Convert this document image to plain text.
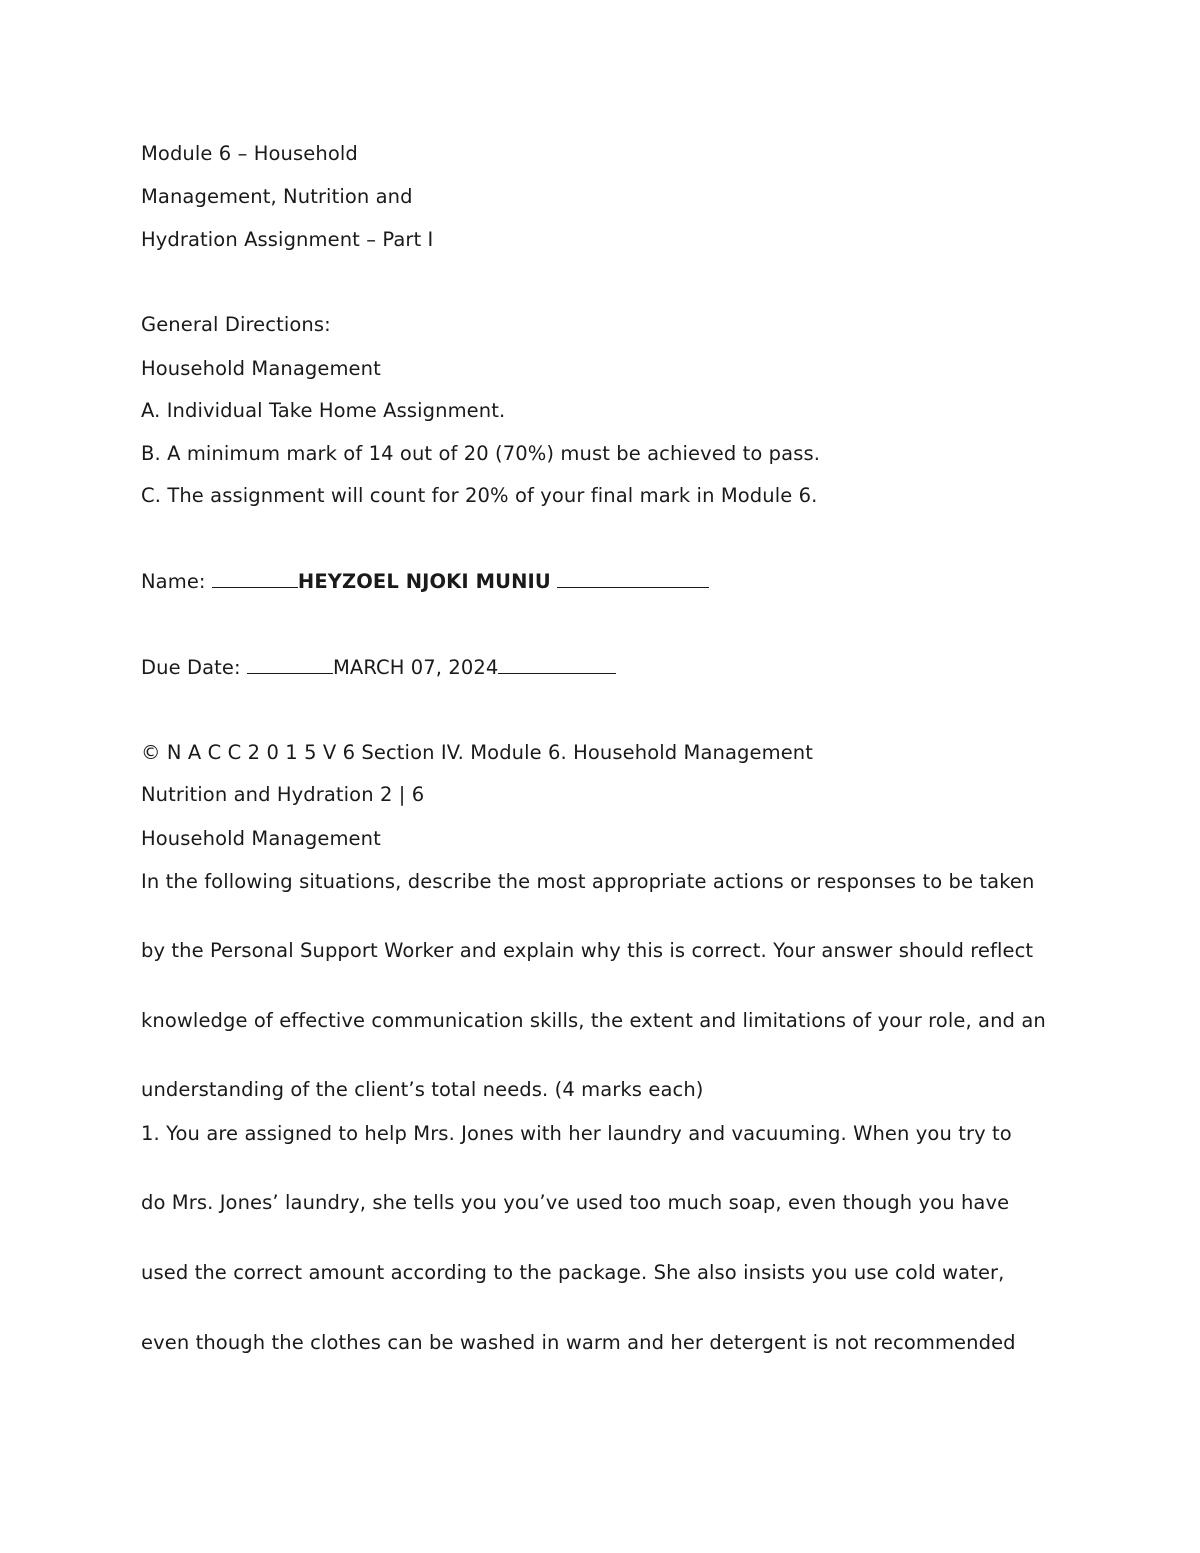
Module 6 – Household

Management, Nutrition and

Hydration Assignment – Part I

General Directions:

Household Management

A. Individual Take Home Assignment.

B. A minimum mark of 14 out of 20 (70%) must be achieved to pass.

C. The assignment will count for 20% of your final mark in Module 6.

Name:	HEYZOEL NJOKI MUNIU

Due Date:	MARCH 07, 2024

© N A C C 2 0 1 5 V 6 Section IV. Module 6. Household Management

Nutrition and Hydration 2 | 6

Household Management

In the following situations, describe the most appropriate actions or responses to be taken

by the Personal Support Worker and explain why this is correct. Your answer should reflect

knowledge of effective communication skills, the extent and limitations of your role, and an

understanding of the client’s total needs. (4 marks each)

1. You are assigned to help Mrs. Jones with her laundry and vacuuming. When you try to

do Mrs. Jones’ laundry, she tells you you’ve used too much soap, even though you have

used the correct amount according to the package. She also insists you use cold water,

even though the clothes can be washed in warm and her detergent is not recommended
